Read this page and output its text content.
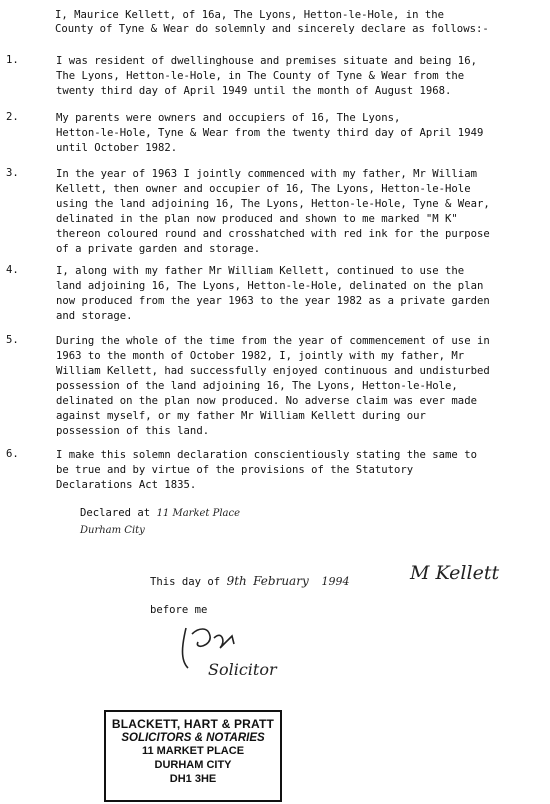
I, Maurice Kellett, of 16a, The Lyons, Hetton-le-Hole, in the
County of Tyne & Wear do solemnly and sincerely declare as follows:-
1.	I was resident of dwellinghouse and premises situate and being 16,
The Lyons, Hetton-le-Hole, in The County of Tyne & Wear from the
twenty third day of April 1949 until the month of August 1968.
2.	My parents were owners and occupiers of 16, The Lyons,
Hetton-le-Hole, Tyne & Wear from the twenty third day of April 1949
until October 1982.
3.	In the year of 1963 I jointly commenced with my father, Mr William
Kellett, then owner and occupier of 16, The Lyons, Hetton-le-Hole
using the land adjoining 16, The Lyons, Hetton-le-Hole, Tyne & Wear,
delinated in the plan now produced and shown to me marked "M K"
thereon coloured round and crosshatched with red ink for the purpose
of a private garden and storage.
4.	I, along with my father Mr William Kellett, continued to use the
land adjoining 16, The Lyons, Hetton-le-Hole, delinated on the plan
now produced from the year 1963 to the year 1982 as a private garden
and storage.
5.	During the whole of the time from the year of commencement of use in
1963 to the month of October 1982, I, jointly with my father, Mr
William Kellett, had successfully enjoyed continuous and undisturbed
possession of the land adjoining 16, The Lyons, Hetton-le-Hole,
delinated on the plan now produced. No adverse claim was ever made
against myself, or my father Mr William Kellett during our
possession of this land.
6.	I make this solemn declaration conscientiously stating the same to
be true and by virtue of the provisions of the Statutory
Declarations Act 1835.
Declared at 11 Market Place
Durham City
This day of 9th February 1994	M Kellett
before me
Solicitor
BLACKETT, HART & PRATT
SOLICITORS & NOTARIES
11 MARKET PLACE
DURHAM CITY
DH1 3HE
